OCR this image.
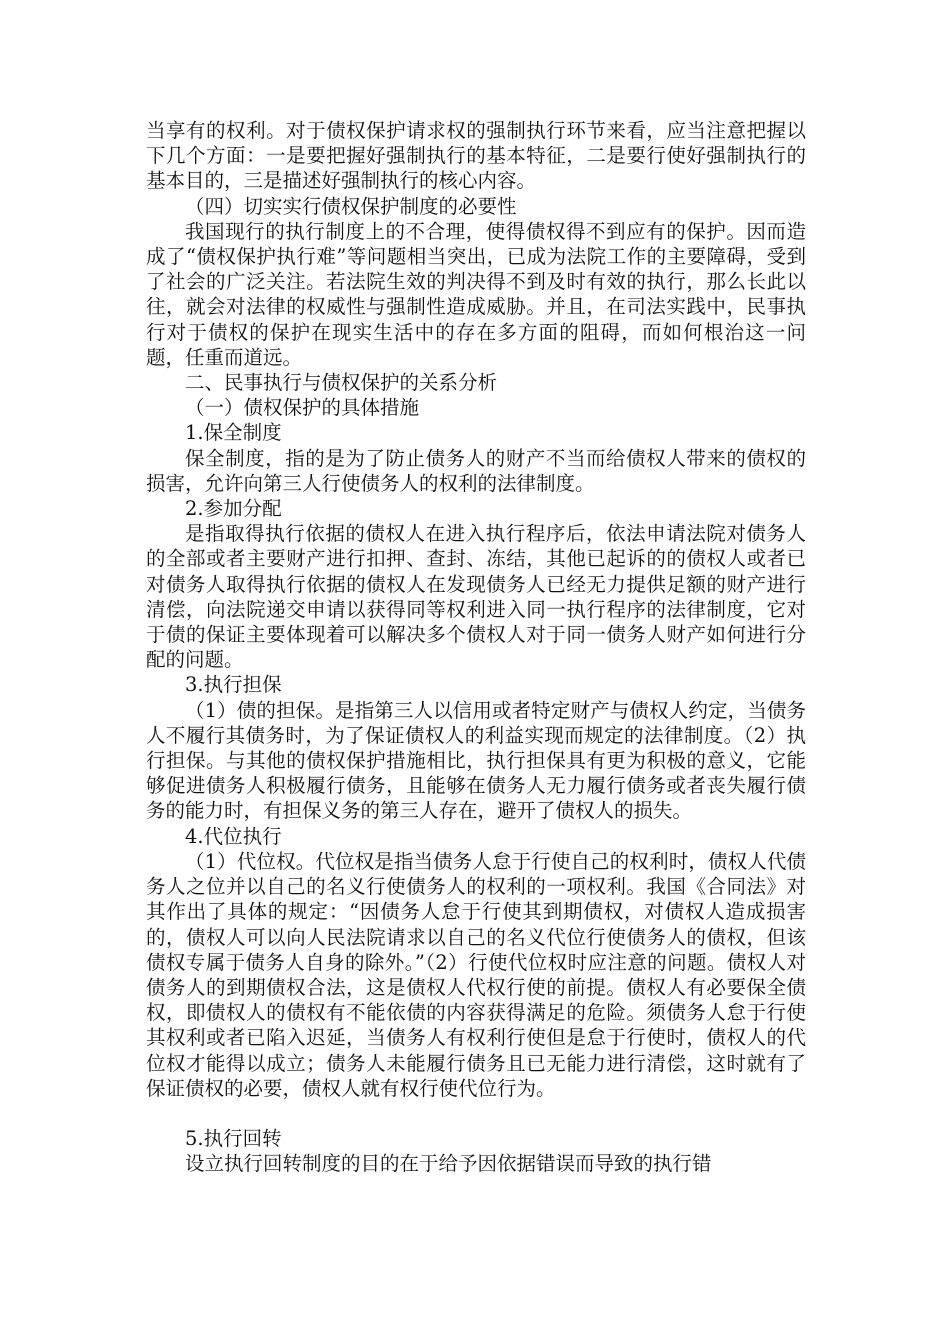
当享有的权利。对于债权保护请求权的强制执行环节来看，应当注意把握以下几个方面：一是要把握好强制执行的基本特征，二是要行使好强制执行的基本目的，三是描述好强制执行的核心内容。

（四）切实实行债权保护制度的必要性

我国现行的执行制度上的不合理，使得债权得不到应有的保护。因而造成了“债权保护执行难”等问题相当突出，已成为法院工作的主要障碍，受到了社会的广泛关注。若法院生效的判决得不到及时有效的执行，那么长此以往，就会对法律的权威性与强制性造成威胁。并且，在司法实践中，民事执行对于债权的保护在现实生活中的存在多方面的阻碍，而如何根治这一问题，任重而道远。

二、民事执行与债权保护的关系分析

（一）债权保护的具体措施

1.保全制度

保全制度，指的是为了防止债务人的财产不当而给债权人带来的债权的损害，允许向第三人行使债务人的权利的法律制度。

2.参加分配

是指取得执行依据的债权人在进入执行程序后，依法申请法院对债务人的全部或者主要财产进行扣押、查封、冻结，其他已起诉的的债权人或者已对债务人取得执行依据的债权人在发现债务人已经无力提供足额的财产进行清偿，向法院递交申请以获得同等权利进入同一执行程序的法律制度，它对于债的保证主要体现着可以解决多个债权人对于同一债务人财产如何进行分配的问题。

3.执行担保

（1）债的担保。是指第三人以信用或者特定财产与债权人约定，当债务人不履行其债务时，为了保证债权人的利益实现而规定的法律制度。（2）执行担保。与其他的债权保护措施相比，执行担保具有更为积极的意义，它能够促进债务人积极履行债务，且能够在债务人无力履行债务或者丧失履行债务的能力时，有担保义务的第三人存在，避开了债权人的损失。

4.代位执行

（1）代位权。代位权是指当债务人怠于行使自己的权利时，债权人代债务人之位并以自己的名义行使债务人的权利的一项权利。我国《合同法》对其作出了具体的规定：“因债务人怠于行使其到期债权，对债权人造成损害的，债权人可以向人民法院请求以自己的名义代位行使债务人的债权，但该债权专属于债务人自身的除外。”（2）行使代位权时应注意的问题。债权人对债务人的到期债权合法，这是债权人代权行使的前提。债权人有必要保全债权，即债权人的债权有不能依债的内容获得满足的危险。须债务人怠于行使其权利或者已陷入迟延，当债务人有权利行使但是怠于行使时，债权人的代位权才能得以成立；债务人未能履行债务且已无能力进行清偿，这时就有了保证债权的必要，债权人就有权行使代位行为。

5.执行回转

设立执行回转制度的目的在于给予因依据错误而导致的执行错
